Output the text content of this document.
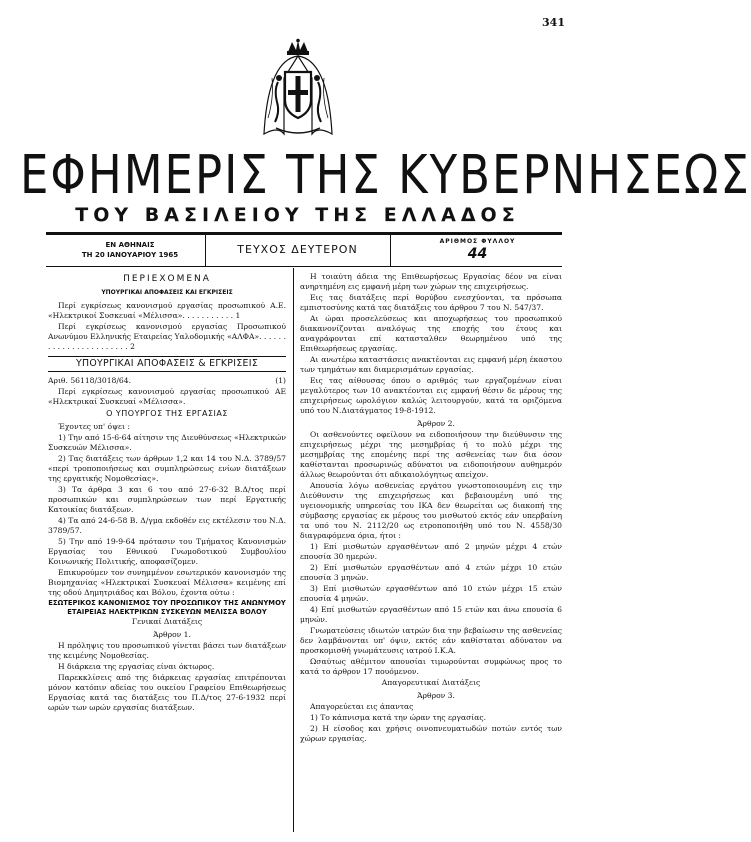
341
ΕΦΗΜΕΡΙΣ ΤΗΣ ΚΥΒΕΡΝΗΣΕΩΣ
ΤΟΥ ΒΑΣΙΛΕΙΟΥ ΤΗΣ ΕΛΛΑΔΟΣ
ΕΝ ΑΘΗΝΑΙΣ
ΤΗ 20 ΙΑΝΟΥΑΡΙΟΥ 1965	ΤΕΥΧΟΣ ΔΕΥΤΕΡΟΝ
ΑΡΙΘΜΟΣ ΦΥΛΛΟΥ
44
ΠΕΡΙΕΧΟΜΕΝΑ
ΥΠΟΥΡΓΙΚΑΙ ΑΠΟΦΑΣΕΙΣ ΚΑΙ ΕΓΚΡΙΣΕΙΣ

Περί εγκρίσεως κανονισμού εργασίας προσωπικού Α.Ε. «Ηλεκτρικοί Συσκευαί «Μέλισσα». . . . . . . . . . . 1

Περί εγκρίσεως κανονισμού εργασίας Προσωπικού Ανωνύμου Ελληνικής Εταιρείας Υαλοδομικής «ΑΛΦΑ». . . . . . . . . . . . . . . . . . . . . . . 2

ΥΠΟΥΡΓΙΚΑΙ ΑΠΟΦΑΣΕΙΣ & ΕΓΚΡΙΣΕΙΣ
Αριθ. 56118/3018/64.	(1)

Περί εγκρίσεως κανονισμού εργασίας προσωπικού ΑΕ «Ηλεκτρικαί Συσκευαί «Μέλισσα».

Ο ΥΠΟΥΡΓΟΣ ΤΗΣ ΕΡΓΑΣΙΑΣ

Έχοντες υπ' όψει :

1) Την από 15-6-64 αίτησιν της Διευθύνσεως «Ηλεκτρικών Συσκευών Μέλισσα».

2) Τας διατάξεις των άρθρων 1,2 και 14 του Ν.Δ. 3789/57 «περί τροποποιήσεως και συμπληρώσεως ενίων διατάξεων της εργατικής Νομοθεσίας».

3) Τα άρθρα 3 και 6 του από 27-6-32 Β.Δ/τος περί προσωπικών και συμπληρώσεων των περί Εργατικής Κατοικίας διατάξεων.

4) Τα από 24-6-58 Β. Δ/γμα εκδοθέν εις εκτέλεσιν του Ν.Δ. 3789/57.

5) Την από 19-9-64 πρότασιν του Τμήματος Κανονισμών Εργασίας του Εθνικού Γνωμοδοτικού Συμβουλίου Κοινωνικής Πολιτικής, αποφασίζομεν.

Επικυρούμεν τον συνημμένον εσωτερικόν κανονισμόν της Βιομηχανίας «Ηλεκτρικαί Συσκευαί Μέλισσα» κειμένης επί της οδού Δημητριάδος και Βόλου, έχοντα ούτω :

ΕΣΩΤΕΡΙΚΟΣ ΚΑΝΟΝΙΣΜΟΣ ΤΟΥ ΠΡΟΣΩΠΙΚΟΥ ΤΗΣ ΑΝΩΝΥΜΟΥ ΕΤΑΙΡΕΙΑΣ ΗΛΕΚΤΡΙΚΩΝ ΣΥΣΚΕΥΩΝ ΜΕΛΙΣΣΑ ΒΟΛΟΥ

Γενικαί Διατάξεις

Άρθρον 1.

Η πρόληψις του προσωπικού γίνεται βάσει των διατάξεων της κειμένης Νομοθεσίας.

Η διάρκεια της εργασίας είναι όκτωρος.

Παρεκκλίσεις από της διάρκειας εργασίας επιτρέπονται μόνον κατόπιν αδείας του οικείου Γραφείου Επιθεωρήσεως Εργασίας κατά τας διατάξεις του Π.Δ/τος 27-6-1932 περί ωρών των ωρών εργασίας διατάξεων.

Η τοιαύτη άδεια της Επιθεωρήσεως Εργασίας δέον να είναι ανηρτημένη εις εμφανή μέρη των χώρων της επιχειρήσεως.

Εις τας διατάξεις περί θορύβου ενεσχύονται, τα πρόσωπα εμπιστοσύνης κατά τας διατάξεις του άρθρου 7 του Ν. 547/37.

Αι ώραι προσελεύσεως και αποχωρήσεως του προσωπικού διακανονίζονται αναλόγως της εποχής του έτους και αναγράφονται επί κατασταλθεν θεωρημένου υπό της Επιθεωρήσεως εργασίας.

Αι ανωτέρω καταστάσεις ανακτέονται εις εμφανή μέρη έκαστου των τμημάτων και διαμερισμάτων εργασίας.

Εις τας αίθουσας όπου ο αριθμός των εργαζομένων είναι μεγαλύτερος των 10 ανακτέονται εις εμφανή θέσιν δε μέρους της επιχειρήσεως ωρολόγιον καλώς λειτουργούν, κατά τα οριζόμενα υπό του Ν.Διατάγματος 19-8-1912.

Άρθρον 2.

Οι ασθενούντες οφείλουν να ειδοποιήσουν την διεύθυνσιν της επιχειρήσεως μέχρι της μεσημβρίας ή το πολύ μέχρι της μεσημβρίας της επομένης περί της ασθενείας των δια όσον καθίστανται προσωρινώς αδύνατοι να ειδοποιήσουν αυθημερόν άλλως θεωρούνται ότι αδικαιολόγητως απείχον.

Απουσία λόγω ασθενείας εργάτου γνωστοποιουμένη εις την Διεύθυνσιν της επιχειρήσεως και βεβαιουμένη υπό της υγειονομικής υπηρεσίας του ΙΚΑ δεν θεωρείται ως διακοπή της σύμβασης εργασίας εκ μέρους του μισθωτού εκτός εάν υπερβαίνη τα υπό του Ν. 2112/20 ως ετροποποιήθη υπό του Ν. 4558/30 διαγραφόμενα όρια, ήτοι :

1) Επί μισθωτών εργασθέντων από 2 μηνών μέχρι 4 ετών επουσία 30 ημερών.

2) Επί μισθωτών εργασθέντων από 4 ετών μέχρι 10 ετών επουσία 3 μηνών.

3) Επί μισθωτών εργασθέντων από 10 ετών μέχρι 15 ετών επουσία 4 μηνών.

4) Επί μισθωτών εργασθέντων από 15 ετών και άνω επουσία 6 μηνών.

Γνωματεύσεις ιδιωτών ιατρών δια την βεβαίωσιν της ασθενείας δεν λαμβάνονται υπ' όψιν, εκτός εάν καθίσταται αδύνατον να προσκομισθή γνωμάτευσις ιατρού Ι.Κ.Α.

Ωσαύτως αθέμιτον απουσίαι τιμωρούνται συμφώνως προς το κατά το άρθρον 17 πουόμενον.

Απαγορευτικαί Διατάξεις

Άρθρον 3.

Απαγορεύεται εις άπαντας

1) Το κάπνισμα κατά την ώραν της εργασίας.

2) Η είσοδος και χρήσις οινοπνευματωδών ποτών εντός των χώρων εργασίας.
